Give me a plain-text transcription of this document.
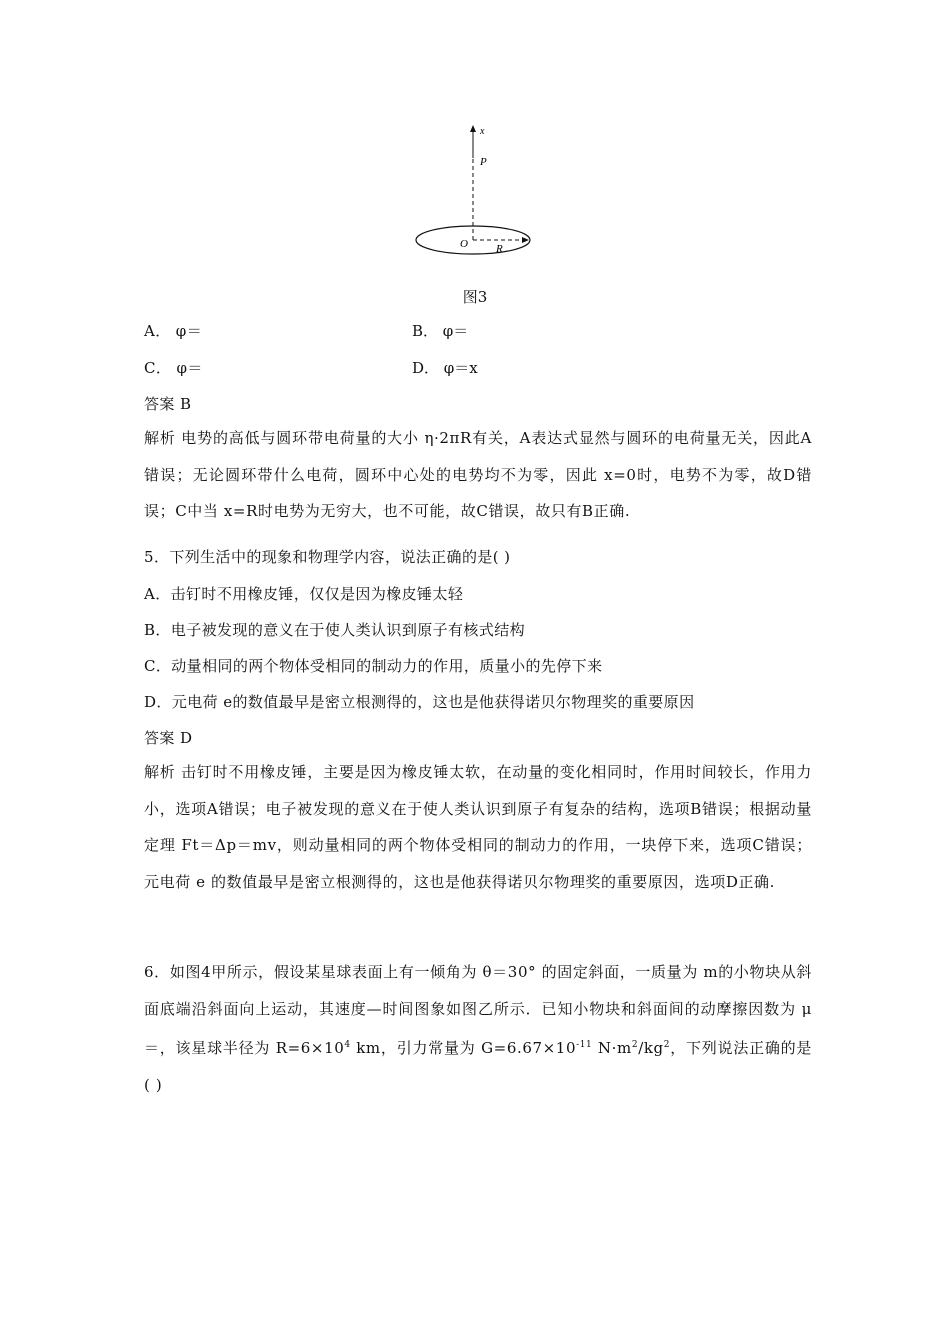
x
P
O	R
图3
A． φ＝	B． φ＝
C． φ＝	D． φ＝x
答案 B
解析 电势的高低与圆环带电荷量的大小 η·2πR有关，A表达式显然与圆环的电荷量无关，因此A错误；无论圆环带什么电荷，圆环中心处的电势均不为零，因此 x=0时，电势不为零，故D错误；C中当 x=R时电势为无穷大，也不可能，故C错误，故只有B正确.
5．下列生活中的现象和物理学内容，说法正确的是( )
A．击钉时不用橡皮锤，仅仅是因为橡皮锤太轻
B．电子被发现的意义在于使人类认识到原子有核式结构
C．动量相同的两个物体受相同的制动力的作用，质量小的先停下来
D．元电荷 e的数值最早是密立根测得的，这也是他获得诺贝尔物理奖的重要原因
答案 D
解析 击钉时不用橡皮锤，主要是因为橡皮锤太软，在动量的变化相同时，作用时间较长，作用力小，选项A错误；电子被发现的意义在于使人类认识到原子有复杂的结构，选项B错误；根据动量定理 Ft＝Δp＝mv，则动量相同的两个物体受相同的制动力的作用，一块停下来，选项C错误；元电荷 e 的数值最早是密立根测得的，这也是他获得诺贝尔物理奖的重要原因，选项D正确.
6．如图4甲所示，假设某星球表面上有一倾角为 θ＝30° 的固定斜面，一质量为 m的小物块从斜面底端沿斜面向上运动，其速度—时间图象如图乙所示．已知小物块和斜面间的动摩擦因数为 μ＝，该星球半径为 $R=6\times 10^4$ km，引力常量为 $G=6.67\times 10^{-11}$ $N\cdot m^2/kg^2$，下列说法正确的是( )
